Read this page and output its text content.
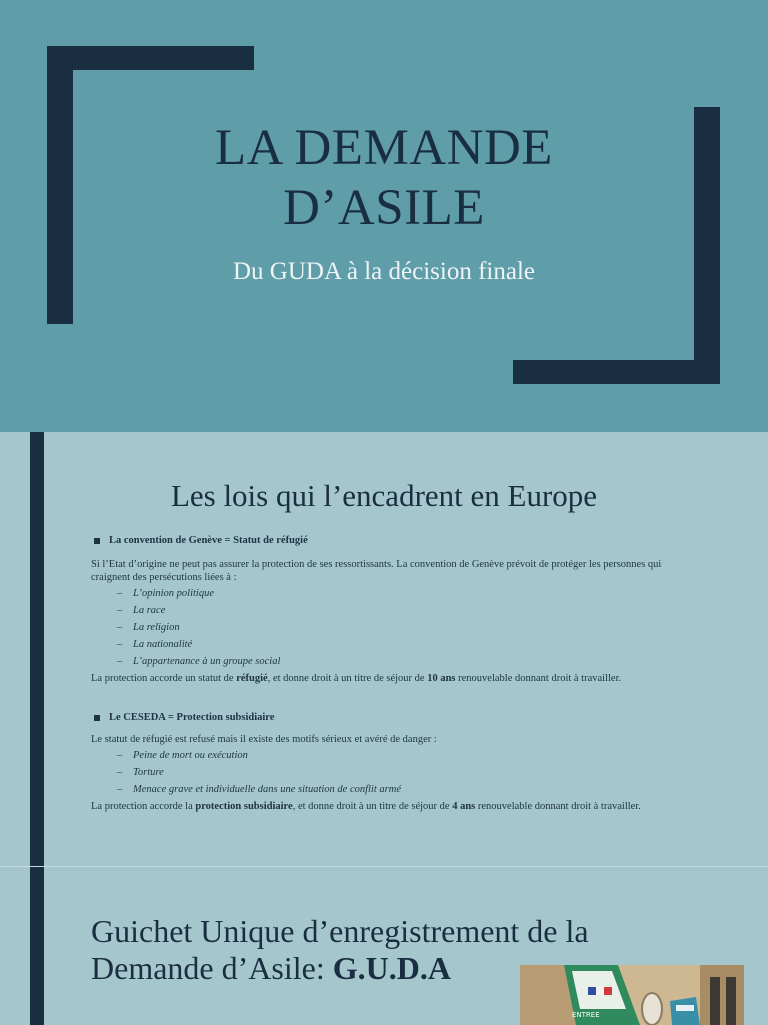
LA DEMANDE
D’ASILE

Du GUDA à la décision finale

Les lois qui l’encadrent en Europe
La convention de Genève = Statut de réfugié

Si l’Etat d’origine ne peut pas assurer la protection de ses ressortissants. La convention de Genève prévoit de protéger les personnes qui craignent des persécutions liées à :

–	L’opinion politique
–	La race
–	La religion
–	La nationalité
–	L’appartenance à un groupe social

La protection accorde un statut de réfugié, et donne droit à un titre de séjour de 10 ans renouvelable donnant droit à travailler.

Le CESEDA = Protection subsidiaire

Le statut de réfugié est refusé mais il existe des motifs sérieux et avéré de danger :

–	Peine de mort ou exécution
–	Torture
–	Menace grave et individuelle dans une situation de conflit armé

La protection accorde la protection subsidiaire, et donne droit à un titre de séjour de 4 ans renouvelable donnant droit à travailler.

Guichet Unique d’enregistrement de la
Demande d’Asile: G.U.D.A
ENTREE
